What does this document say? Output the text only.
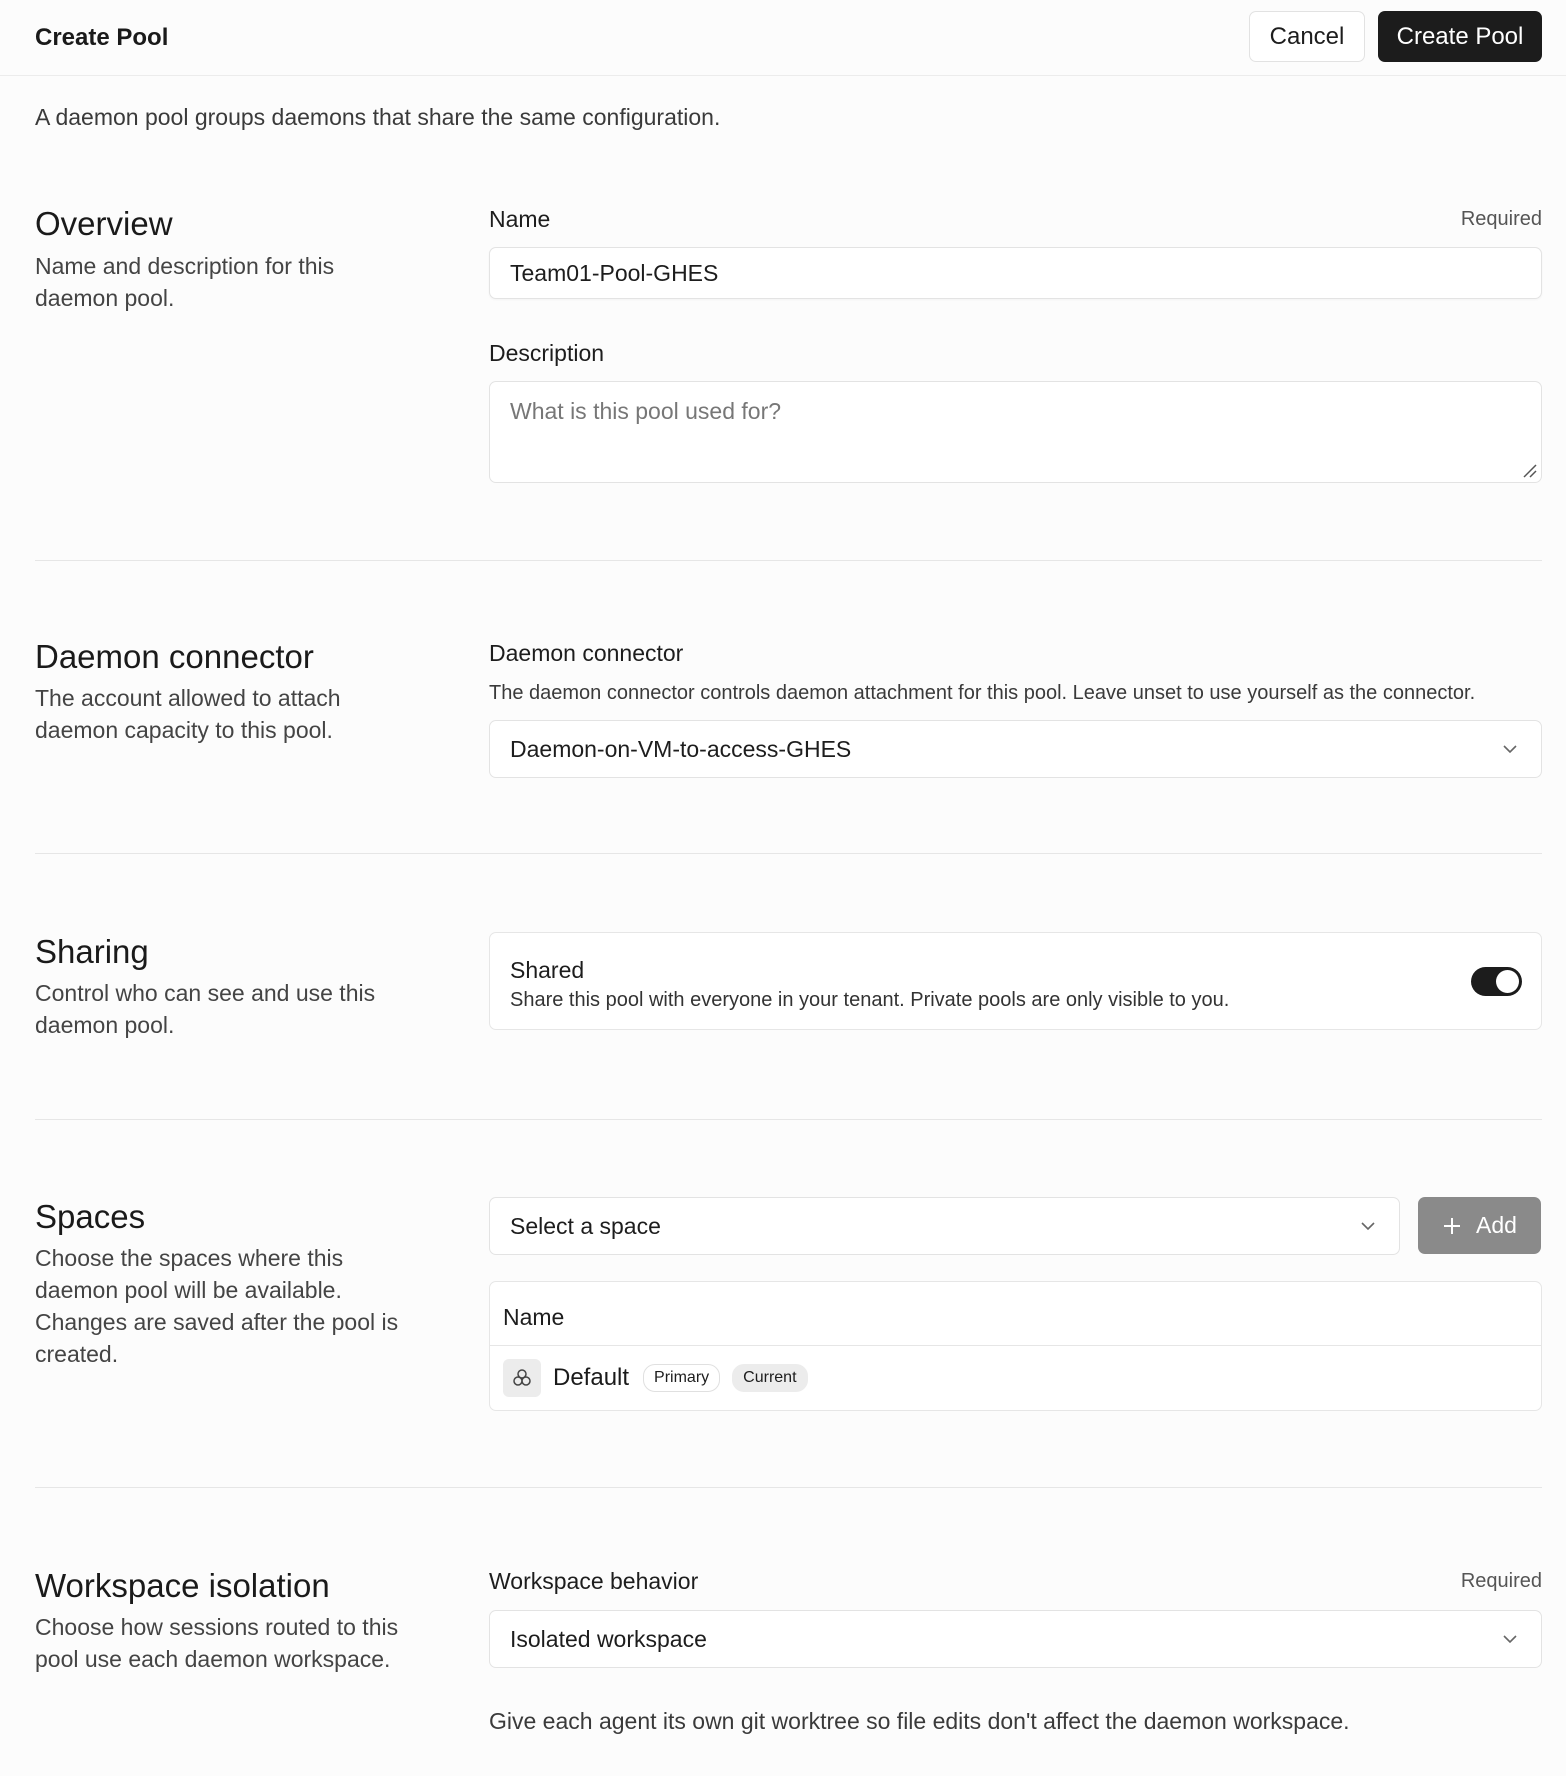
Create Pool	Cancel	Create Pool
A daemon pool groups daemons that share the same configuration.
Overview
Name and description for this daemon pool.
Name	Required
Team01-Pool-GHES
Description
What is this pool used for?
Daemon connector
The account allowed to attach daemon capacity to this pool.
Daemon connector
The daemon connector controls daemon attachment for this pool. Leave unset to use yourself as the connector.
Daemon-on-VM-to-access-GHES
Sharing
Control who can see and use this daemon pool.
Shared
Share this pool with everyone in your tenant. Private pools are only visible to you.
Spaces
Choose the spaces where this daemon pool will be available. Changes are saved after the pool is created.
Select a space	Add
Name
Default	Primary	Current
Workspace isolation
Choose how sessions routed to this pool use each daemon workspace.
Workspace behavior	Required
Isolated workspace
Give each agent its own git worktree so file edits don't affect the daemon workspace.
